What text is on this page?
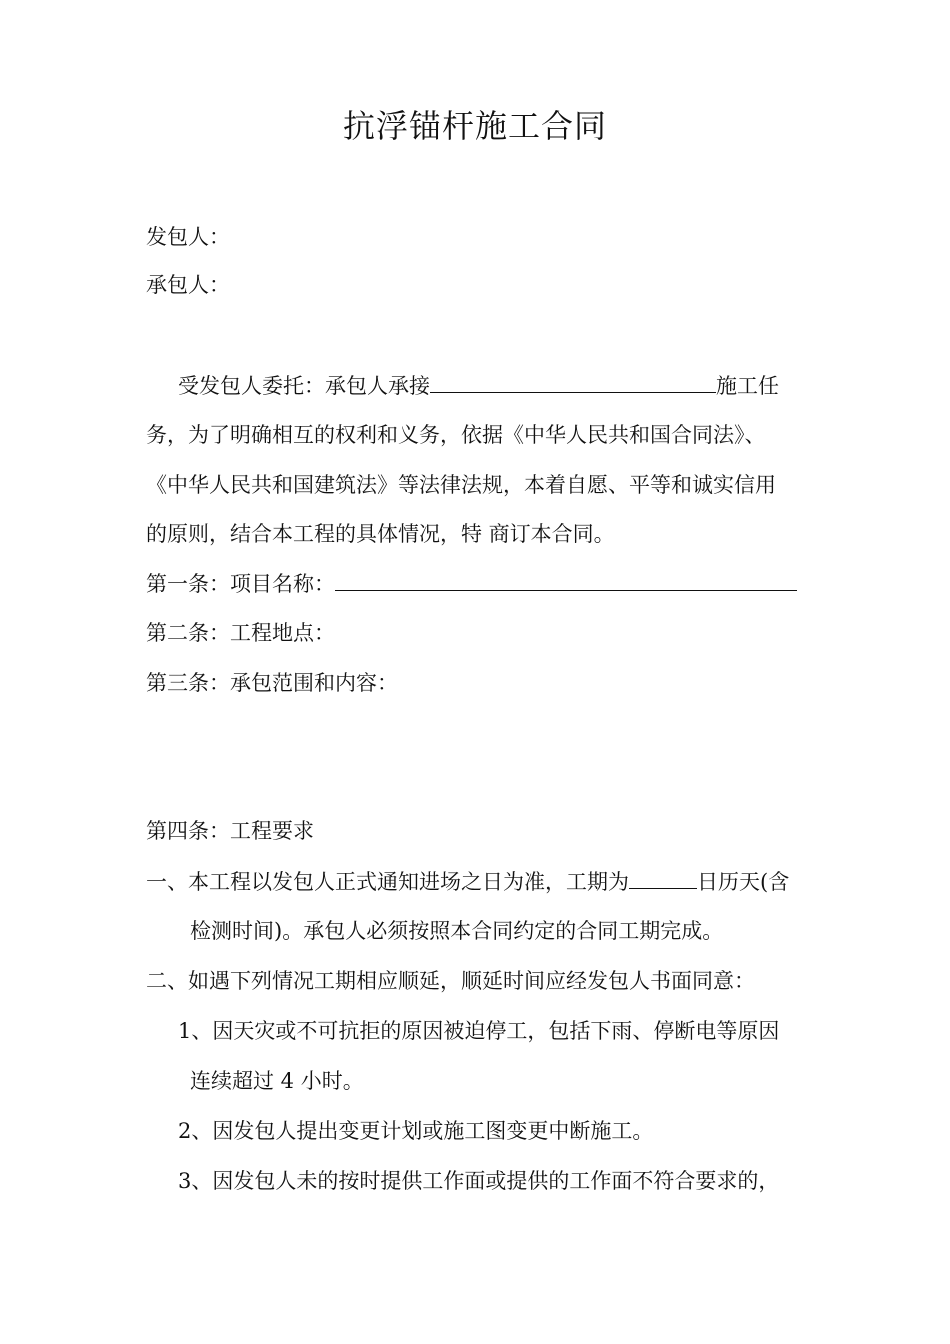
抗浮锚杆施工合同
发包人：
承包人：
受发包人委托：承包人承接	施工任
务，为了明确相互的权利和义务，依据《中华人民共和国合同法》、
《中华人民共和国建筑法》等法律法规，本着自愿、平等和诚实信用
的原则，结合本工程的具体情况，特 商订本合同。
第一条：项目名称：
第二条：工程地点：
第三条：承包范围和内容：
第四条：工程要求
一、本工程以发包人正式通知进场之日为准，工期为	日历天(含
检测时间)。承包人必须按照本合同约定的合同工期完成。
二、如遇下列情况工期相应顺延，顺延时间应经发包人书面同意：
1、因天灾或不可抗拒的原因被迫停工，包括下雨、停断电等原因
连续超过 4 小时。
2、因发包人提出变更计划或施工图变更中断施工。
3、因发包人未的按时提供工作面或提供的工作面不符合要求的，
